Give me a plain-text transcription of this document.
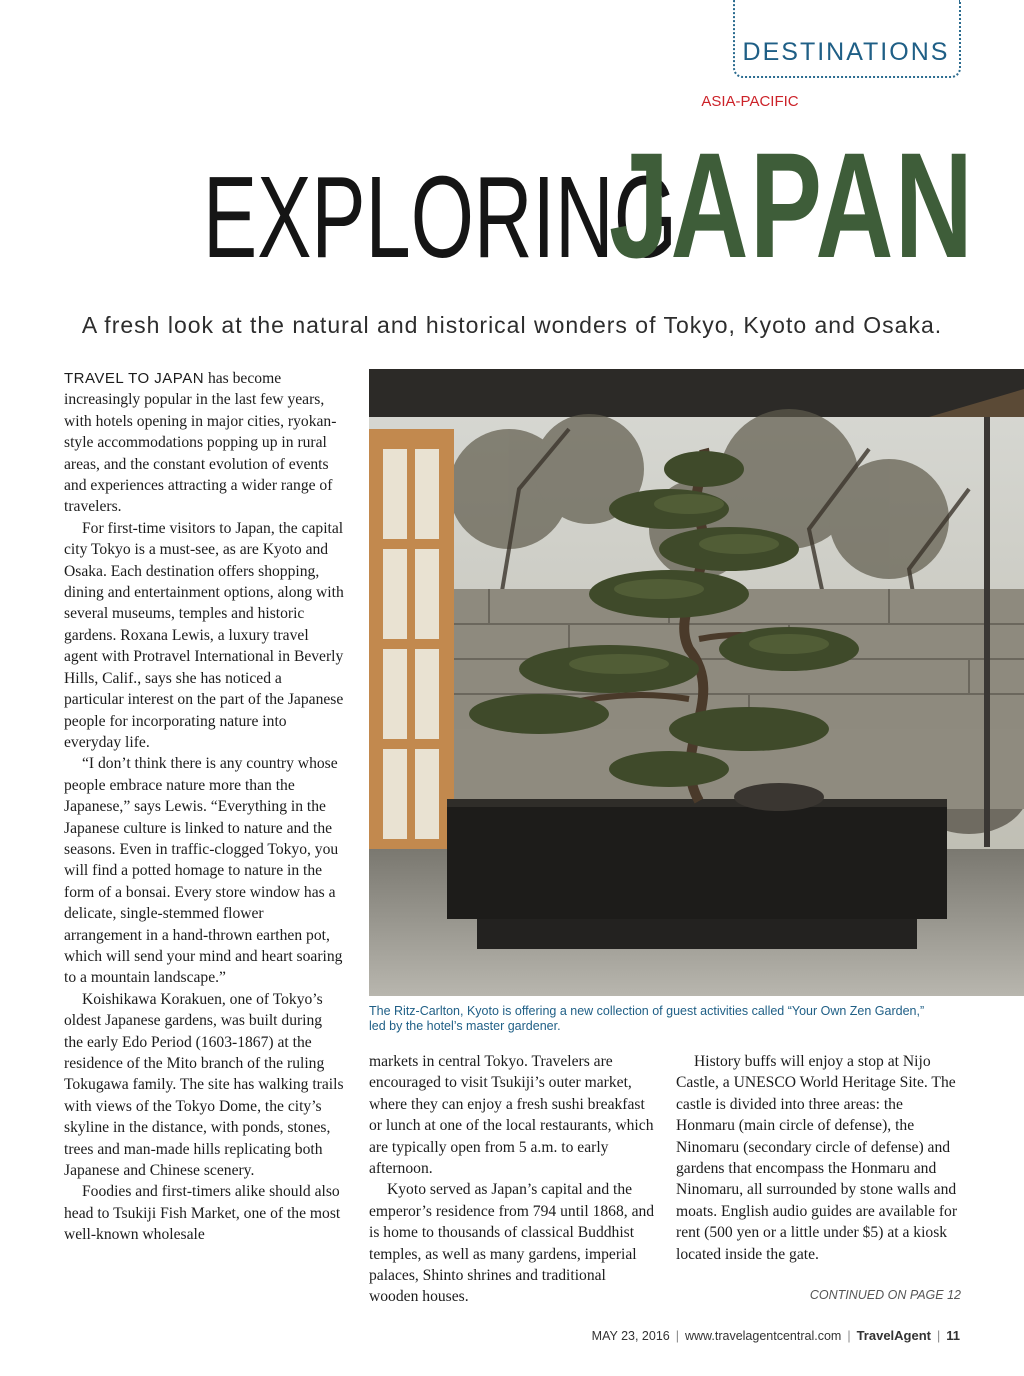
DESTINATIONS
ASIA-PACIFIC
EXPLORINGJAPAN
A fresh look at the natural and historical wonders of Tokyo, Kyoto and Osaka.

TRAVEL TO JAPAN has become increasingly popular in the last few years, with hotels opening in major cities, ryokan-style accommodations popping up in rural areas, and the constant evolution of events and experiences attracting a wider range of travelers.

For first-time visitors to Japan, the capital city Tokyo is a must-see, as are Kyoto and Osaka. Each destination offers shopping, dining and entertainment options, along with several museums, temples and historic gardens. Roxana Lewis, a luxury travel agent with Protravel International in Beverly Hills, Calif., says she has noticed a particular interest on the part of the Japanese people for incorporating nature into everyday life.

“I don’t think there is any country whose people embrace nature more than the Japanese,” says Lewis. “Everything in the Japanese culture is linked to nature and the seasons. Even in traffic-clogged Tokyo, you will find a potted homage to nature in the form of a bonsai. Every store window has a delicate, single-stemmed flower arrangement in a hand-thrown earthen pot, which will send your mind and heart soaring to a mountain landscape.”

Koishikawa Korakuen, one of Tokyo’s oldest Japanese gardens, was built during the early Edo Period (1603-1867) at the residence of the Mito branch of the ruling Tokugawa family. The site has walking trails with views of the Tokyo Dome, the city’s skyline in the distance, with ponds, stones, trees and man-made hills replicating both Japanese and Chinese scenery.

Foodies and first-timers alike should also head to Tsukiji Fish Market, one of the most well-known wholesale

The Ritz-Carlton, Kyoto is offering a new collection of guest activities called “Your Own Zen Garden,” led by the hotel’s master gardener.

markets in central Tokyo. Travelers are encouraged to visit Tsukiji’s outer market, where they can enjoy a fresh sushi breakfast or lunch at one of the local restaurants, which are typically open from 5 a.m. to early afternoon.

Kyoto served as Japan’s capital and the emperor’s residence from 794 until 1868, and is home to thousands of classical Buddhist temples, as well as many gardens, imperial palaces, Shinto shrines and traditional wooden houses.

History buffs will enjoy a stop at Nijo Castle, a UNESCO World Heritage Site. The castle is divided into three areas: the Honmaru (main circle of defense), the Ninomaru (secondary circle of defense) and gardens that encompass the Honmaru and Ninomaru, all surrounded by stone walls and moats. English audio guides are available for rent (500 yen or a little under $5) at a kiosk located inside the gate.

CONTINUED ON PAGE 12
MAY 23, 2016 | www.travelagentcentral.com | TravelAgent | 11
